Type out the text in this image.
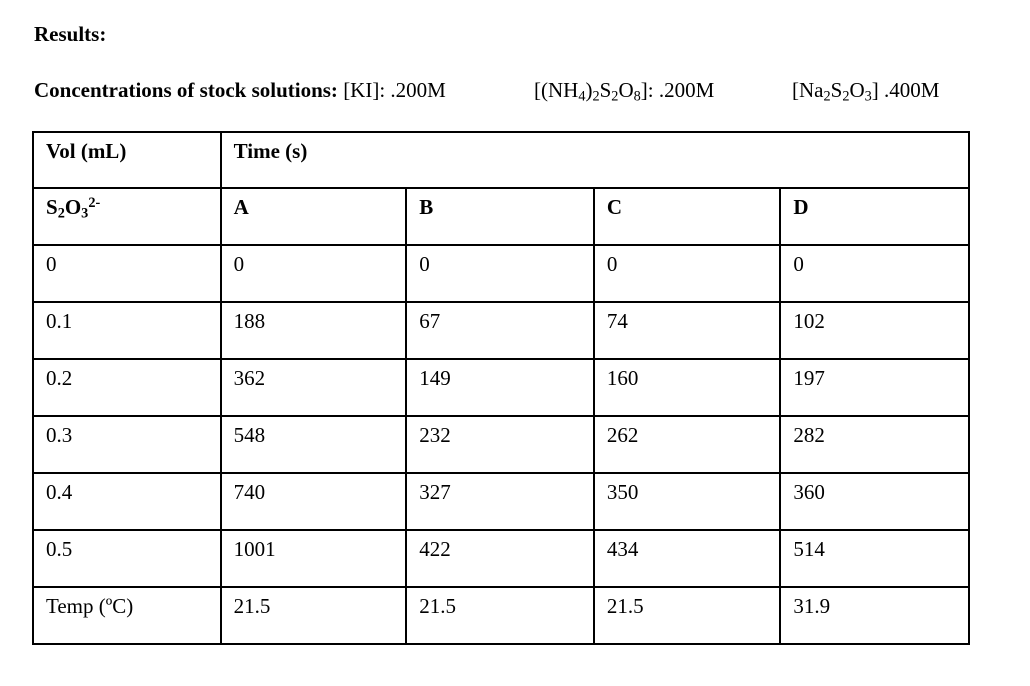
Results:
Concentrations of stock solutions: [KI]: .200M	$[(NH_4)_2S_2O_8]$: .200M	$[Na_2S_2O_3]$ .400M
Vol (mL)	Time (s)			
$S_2O_3^{2-}$	A	B	C	D
0	0	0	0	0
0.1	188	67	74	102
0.2	362	149	160	197
0.3	548	232	262	282
0.4	740	327	350	360
0.5	1001	422	434	514
Temp (ºC)	21.5	21.5	21.5	31.9
